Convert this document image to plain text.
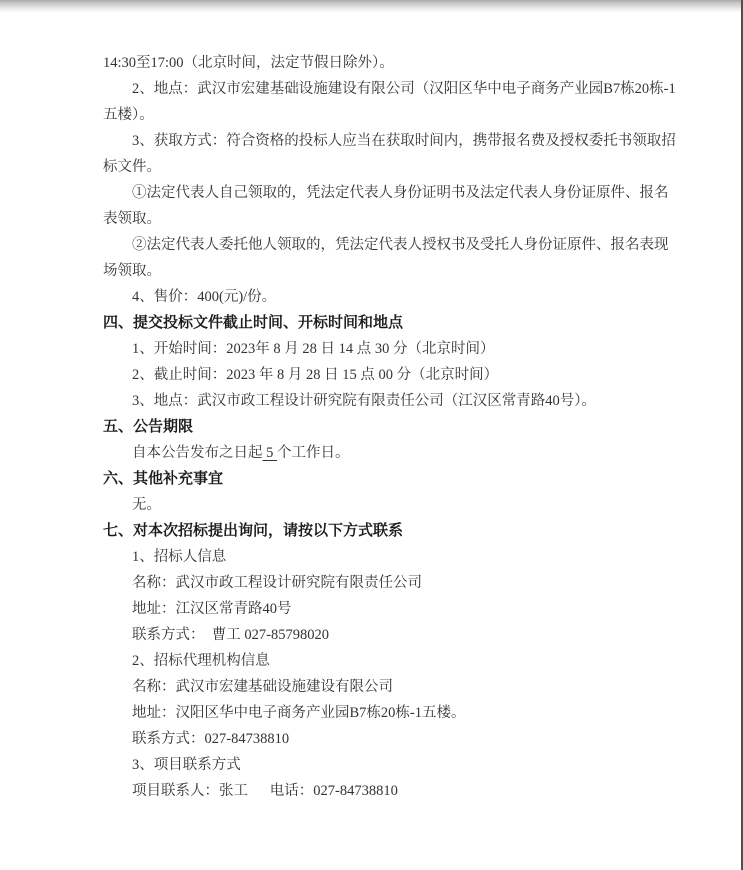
14:30至17:00（北京时间，法定节假日除外）。

2、地点：武汉市宏建基础设施建设有限公司（汉阳区华中电子商务产业园B7栋20栋-1

五楼）。

3、获取方式：符合资格的投标人应当在获取时间内，携带报名费及授权委托书领取招

标文件。

①法定代表人自己领取的，凭法定代表人身份证明书及法定代表人身份证原件、报名

表领取。

②法定代表人委托他人领取的，凭法定代表人授权书及受托人身份证原件、报名表现

场领取。

4、售价：400(元)/份。

四、提交投标文件截止时间、开标时间和地点

1、开始时间：2023年 8 月 28 日 14 点 30 分（北京时间）

2、截止时间：2023 年 8 月 28 日 15 点 00 分（北京时间）

3、地点：武汉市政工程设计研究院有限责任公司（江汉区常青路40号）。

五、公告期限

自本公告发布之日起 5 个工作日。

六、其他补充事宜

无。

七、对本次招标提出询问，请按以下方式联系

1、招标人信息

名称：武汉市政工程设计研究院有限责任公司

地址：江汉区常青路40号

联系方式：  曹工 027-85798020

2、招标代理机构信息

名称：武汉市宏建基础设施建设有限公司

地址：汉阳区华中电子商务产业园B7栋20栋-1五楼。

联系方式：027-84738810

3、项目联系方式

项目联系人：张工      电话：027-84738810
